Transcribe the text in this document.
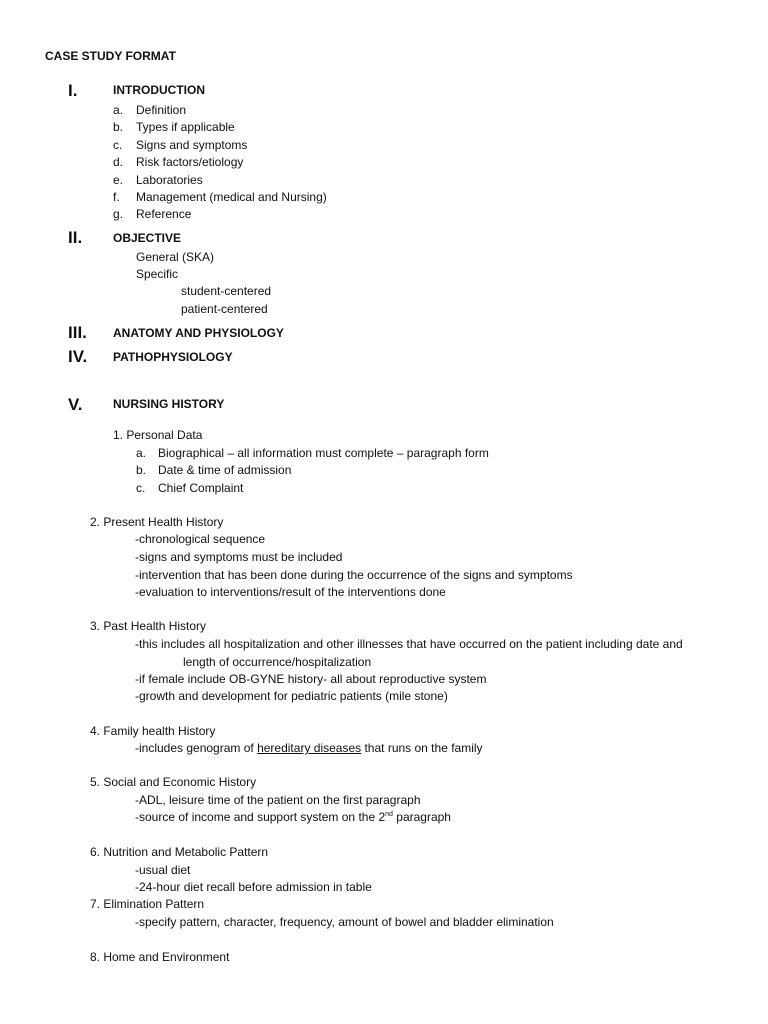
CASE STUDY FORMAT
I.	INTRODUCTION
a. Definition
b. Types if applicable
c. Signs and symptoms
d. Risk factors/etiology
e. Laboratories
f. Management (medical and Nursing)
g. Reference
II.	OBJECTIVE
General (SKA)
Specific
student-centered
patient-centered
III. ANATOMY AND PHYSIOLOGY
IV. PATHOPHYSIOLOGY
V.	NURSING HISTORY
1. Personal Data
a. Biographical – all information must complete – paragraph form
b. Date & time of admission
c. Chief Complaint
2. Present Health History
-chronological sequence
-signs and symptoms must be included
-intervention that has been done during the occurrence of the signs and symptoms
-evaluation to interventions/result of the interventions done
3. Past Health History
-this includes all hospitalization and other illnesses that have occurred on the patient including date and
length of occurrence/hospitalization
-if female include OB-GYNE history- all about reproductive system
-growth and development for pediatric patients (mile stone)
4. Family health History
-includes genogram of hereditary diseases that runs on the family
5. Social and Economic History
-ADL, leisure time of the patient on the first paragraph
-source of income and support system on the 2nd paragraph
6. Nutrition and Metabolic Pattern
-usual diet
-24-hour diet recall before admission in table
7. Elimination Pattern
-specify pattern, character, frequency, amount of bowel and bladder elimination
8. Home and Environment
